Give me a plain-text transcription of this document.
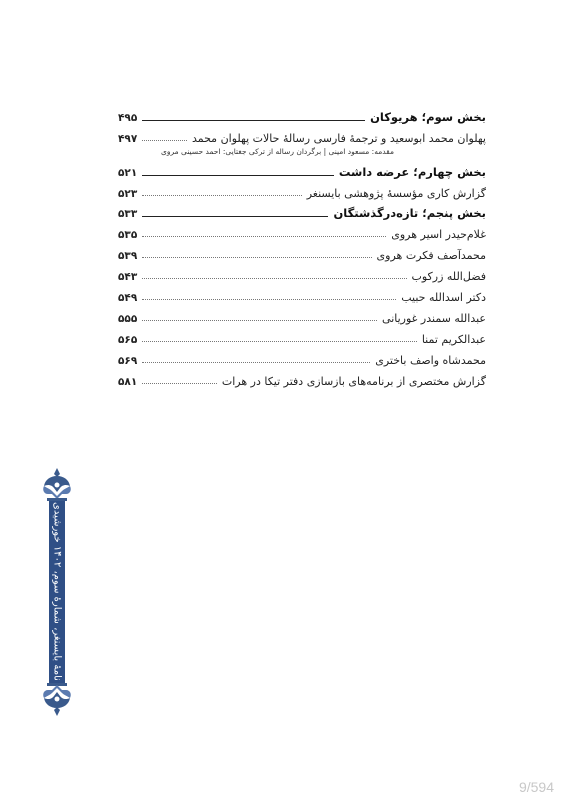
بخش سوم؛ هریوکان
۴۹۵
پهلوان محمد ابوسعید و ترجمهٔ فارسی رسالهٔ حالات پهلوان محمد
۴۹۷
مقدمه: مسعود امینی | برگردان رساله از ترکی جغتایی: احمد حسینی مروی
بخش چهارم؛ عرضه داشت
۵۲۱
گزارش کاری مؤسسهٔ پژوهشی بایسنغر
۵۲۳
بخش پنجم؛ تازه‌درگذشتگان
۵۳۳
غلام‌حیدر اسیر هروی
۵۳۵
محمدآصف فکرت هروی
۵۳۹
فضل‌الله زرکوب
۵۴۳
دکتر اسدالله حبیب
۵۴۹
عبدالله سمندر غوریانی
۵۵۵
عبدالکریم تمنا
۵۶۵
محمدشاه واصف باختری
۵۶۹
گزارش مختصری از برنامه‌های بازسازی دفتر تیکا در هرات
۵۸۱
نامهٔ بایسنغر، شمارهٔ سوم، ۱۴۰۲ خورشیدی
9/594
